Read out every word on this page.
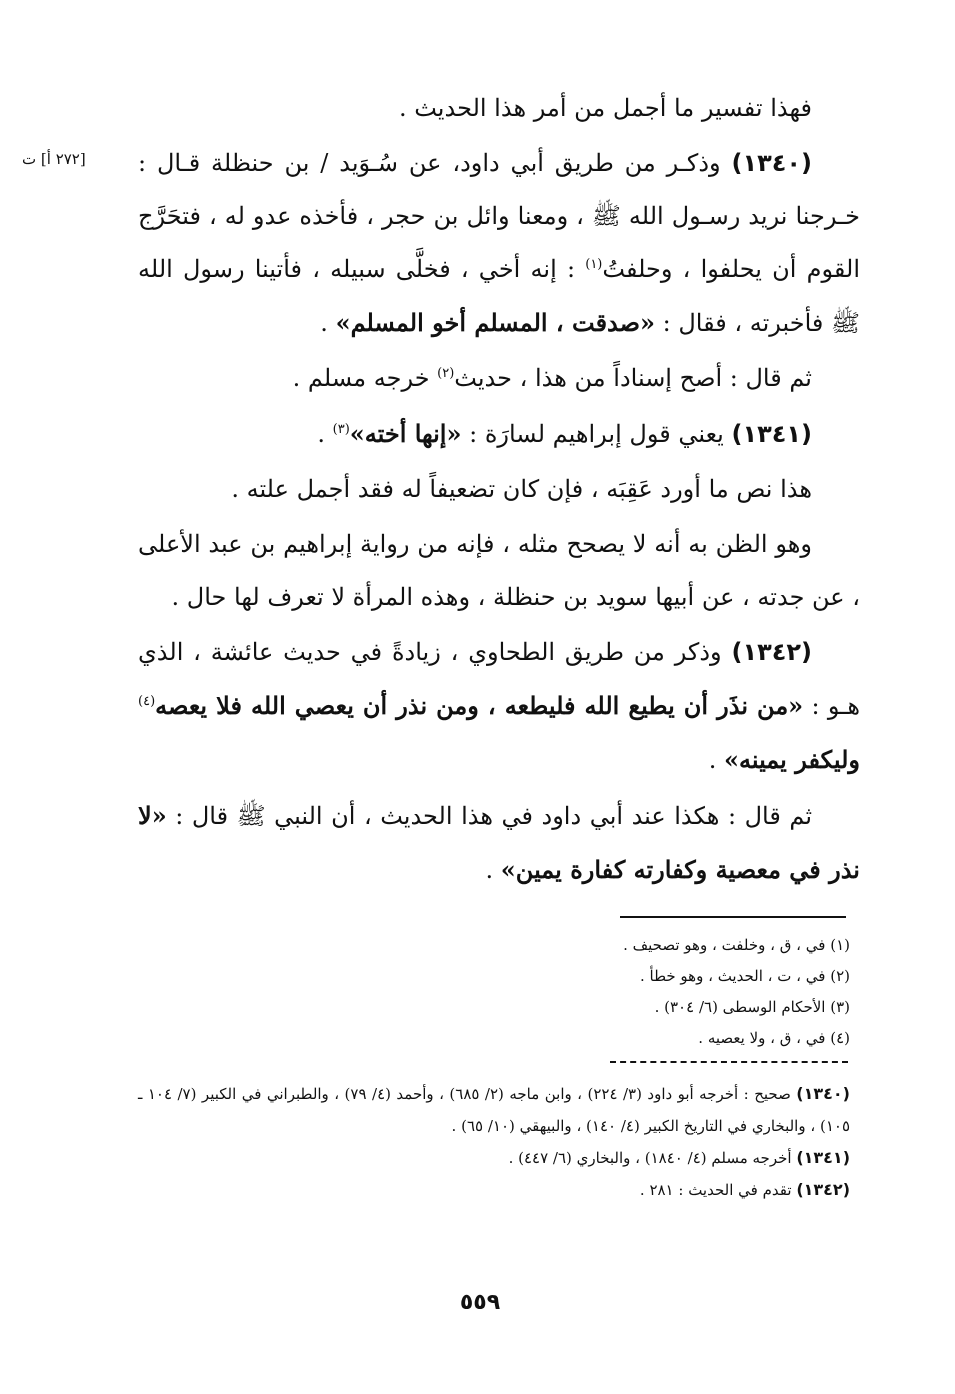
[٢٧٢ أ] ت

فهذا تفسير ما أجمل من أمر هذا الحديث .

(١٣٤٠) وذكـر من طريق أبي داود، عن سُـوَيد / بن حنظلة قـال : خـرجنا نريد رسـول الله ﷺ ، ومعنا وائل بن حجر ، فأخذه عدو له ، فتحَرَّج القوم أن يحلفوا ، وحلفتُ$^{(١)}$ : إنه أخي ، فخلَّى سبيله ، فأتينا رسول الله ﷺ فأخبرته ، فقال : «صدقت ، المسلم أخو المسلم» .

ثم قال : أصح إسناداً من هذا ، حديث$^{(٢)}$ خرجه مسلم .

(١٣٤١) يعني قول إبراهيم لسارَة : «إنها أخته»$^{(٣)}$ .

هذا نص ما أورد عَقِبَه ، فإن كان تضعيفاً له فقد أجمل علته .

وهو الظن به أنه لا يصحح مثله ، فإنه من رواية إبراهيم بن عبد الأعلى ، عن جدته ، عن أبيها سويد بن حنظلة ، وهذه المرأة لا تعرف لها حال .

(١٣٤٢) وذكر من طريق الطحاوي ، زيادةً في حديث عائشة ، الذي هـو : «من نذَر أن يطيع الله فليطعه ، ومن نذر أن يعصي الله فلا يعصه$^{(٤)}$ وليكفر يمينه» .

ثم قال : هكذا عند أبي داود في هذا الحديث ، أن النبي ﷺ قال : «لا نذر في معصية وكفارته كفارة يمين» .

(١) في ، ق ، وخلفت ، وهو تصحيف .
(٢) في ، ت ، الحديث ، وهو خطأ .
(٣) الأحكام الوسطى (٦/ ٣٠٤) .
(٤) في ، ق ، ولا يعصيه .

(١٣٤٠) صحيح : أخرجه أبو داود (٣/ ٢٢٤) ، وابن ماجه (٢/ ٦٨٥) ، وأحمد (٤/ ٧٩) ، والطبراني في الكبير (٧/ ١٠٤ ـ ١٠٥) ، والبخاري في التاريخ الكبير (٤/ ١٤٠) ، والبيهقي (١٠/ ٦٥) .

(١٣٤١) أخرجه مسلم (٤/ ١٨٤٠) ، والبخاري (٦/ ٤٤٧) .

(١٣٤٢) تقدم في الحديث : ٢٨١ .

٥٥٩
